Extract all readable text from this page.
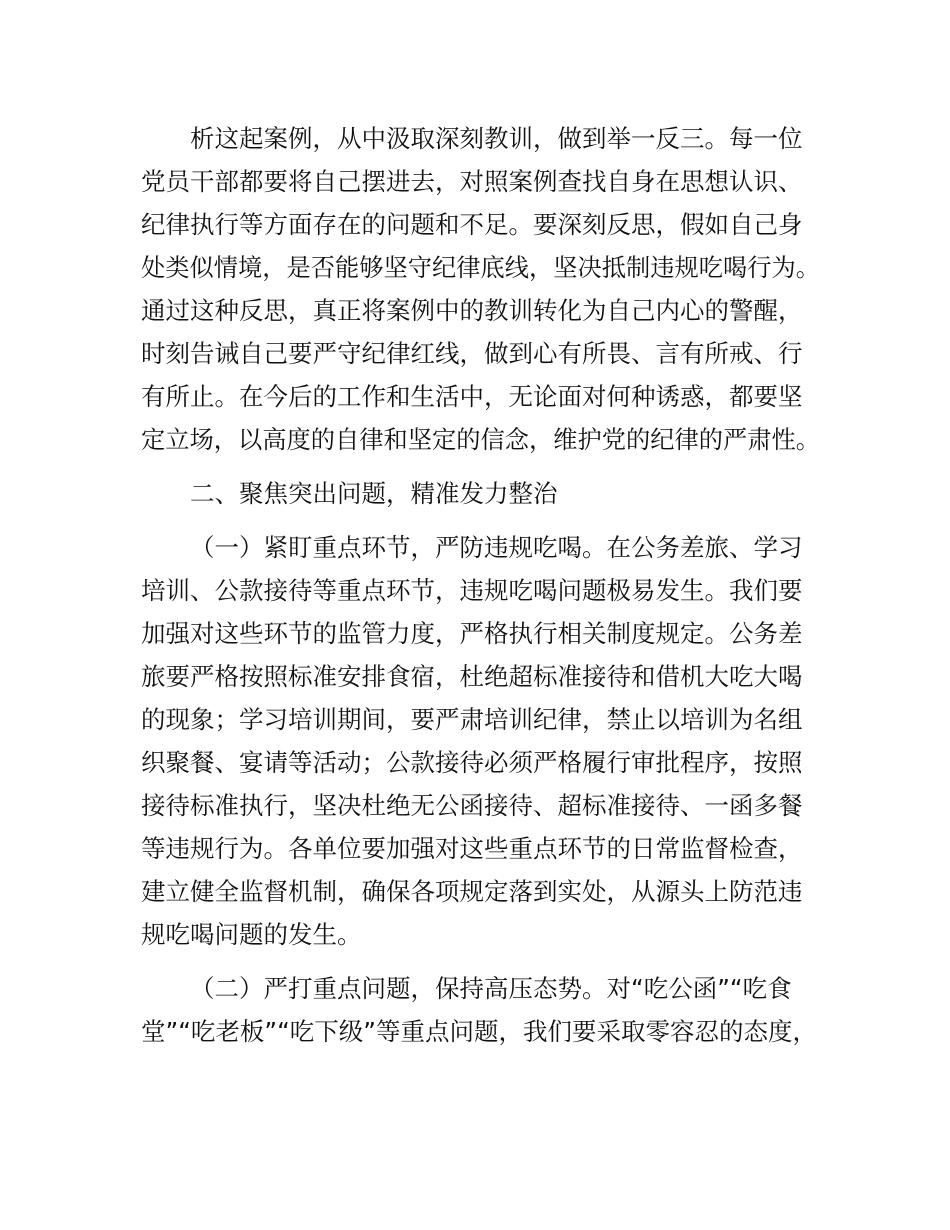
析这起案例，从中汲取深刻教训，做到举一反三。每一位
党员干部都要将自己摆进去，对照案例查找自身在思想认识、
纪律执行等方面存在的问题和不足。要深刻反思，假如自己身
处类似情境，是否能够坚守纪律底线，坚决抵制违规吃喝行为。
通过这种反思，真正将案例中的教训转化为自己内心的警醒，
时刻告诫自己要严守纪律红线，做到心有所畏、言有所戒、行
有所止。在今后的工作和生活中，无论面对何种诱惑，都要坚
定立场，以高度的自律和坚定的信念，维护党的纪律的严肃性。
二、聚焦突出问题，精准发力整治
（一）紧盯重点环节，严防违规吃喝。在公务差旅、学习
培训、公款接待等重点环节，违规吃喝问题极易发生。我们要
加强对这些环节的监管力度，严格执行相关制度规定。公务差
旅要严格按照标准安排食宿，杜绝超标准接待和借机大吃大喝
的现象；学习培训期间，要严肃培训纪律，禁止以培训为名组
织聚餐、宴请等活动；公款接待必须严格履行审批程序，按照
接待标准执行，坚决杜绝无公函接待、超标准接待、一函多餐
等违规行为。各单位要加强对这些重点环节的日常监督检查，
建立健全监督机制，确保各项规定落到实处，从源头上防范违
规吃喝问题的发生。
（二）严打重点问题，保持高压态势。对“吃公函”“吃食
堂”“吃老板”“吃下级”等重点问题，我们要采取零容忍的态度，
